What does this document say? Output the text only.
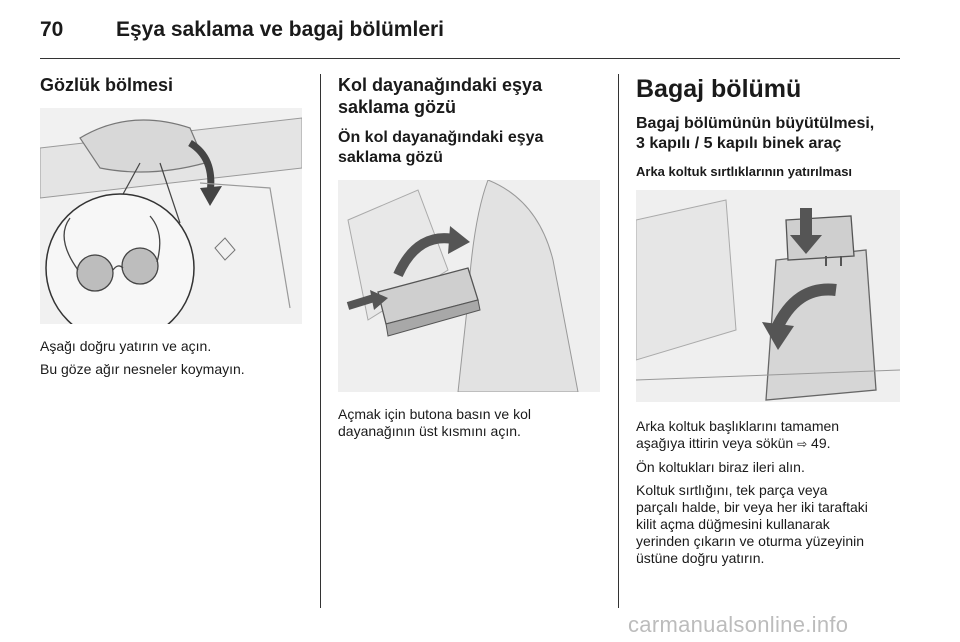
70	Eşya saklama ve bagaj bölümleri
Gözlük bölmesi

Aşağı doğru yatırın ve açın.

Bu göze ağır nesneler koymayın.

Kol dayanağındaki eşya
saklama gözü
Ön kol dayanağındaki eşya
saklama gözü

Açmak için butona basın ve kol
dayanağının üst kısmını açın.

Bagaj bölümü
Bagaj bölümünün büyütülmesi,
3 kapılı / 5 kapılı binek araç
Arka koltuk sırtlıklarının yatırılması

Arka koltuk başlıklarını tamamen
aşağıya ittirin veya sökün ⇨ 49.

Ön koltukları biraz ileri alın.

Koltuk sırtlığını, tek parça veya
parçalı halde, bir veya her iki taraftaki
kilit açma düğmesini kullanarak
yerinden çıkarın ve oturma yüzeyinin
üstüne doğru yatırın.

carmanualsonline.info
